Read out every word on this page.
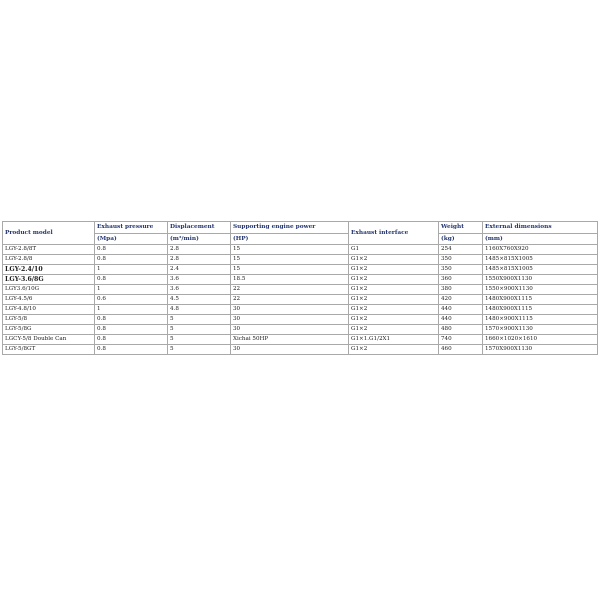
Product model	Exhaust pressure	Displacement	Supporting engine power	Exhaust interface	Weight	External dimensions
	(Mpa)	(m³/min)	(HP)		(kg)	(mm)
LGY-2.8/8T	0.8	2.8	15	G1	254	1160X760X920
LGY-2.8/8	0.8	2.8	15	G1×2	350	1485×815X1005
LGY-2.4/10	1	2.4	15	G1×2	350	1485×815X1005
LGY-3.6/8G	0.8	3.6	18.5	G1×2	360	1550X900X1130
LGY3.6/10G	1	3.6	22	G1×2	380	1550×900X1130
LGY-4.5/6	0.6	4.5	22	G1×2	420	1480X900X1115
LGY-4.8/10	1	4.8	30	G1×2	440	1480X900X1115
LGY-5/8	0.8	5	30	G1×2	440	1480×900X1115
LGY-5/8G	0.8	5	30	G1×2	480	1570×900X1130
LGCY-5/8 Double Can	0.8	5	Xichai 50HP	G1×1.G1/2X1	740	1660×1020×1610
LGY-5/8GT	0.8	5	30	G1×2	460	1570X900X1130
